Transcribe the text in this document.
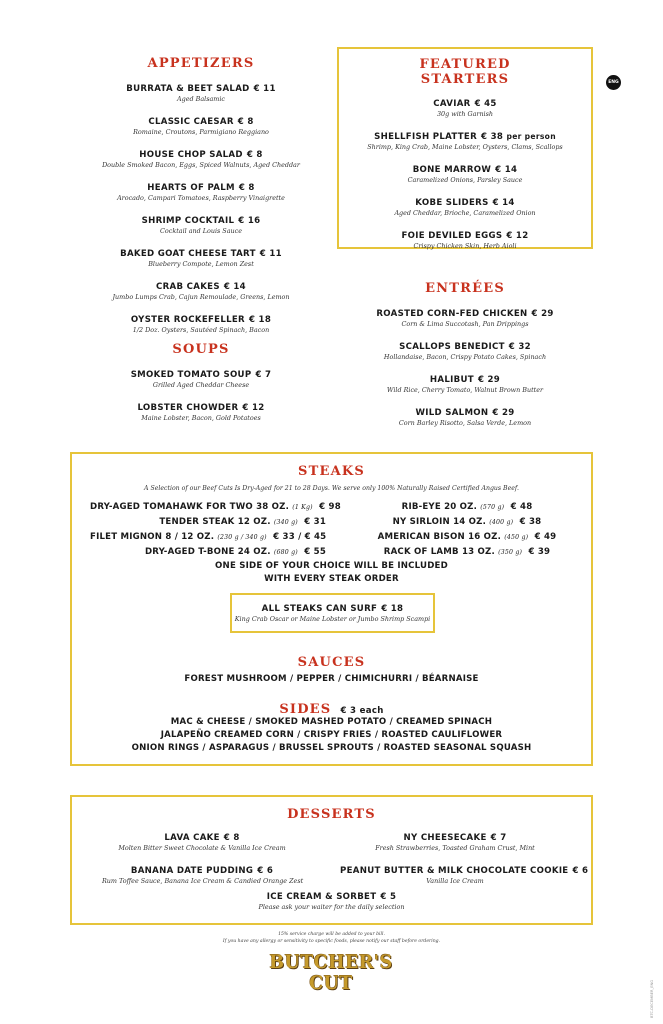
ENG
APPETIZERS
BURRATA & BEET SALAD € 11
Aged Balsamic
CLASSIC CAESAR € 8
Romaine, Croutons, Parmigiano Reggiano
HOUSE CHOP SALAD € 8
Double Smoked Bacon, Eggs, Spiced Walnuts, Aged Cheddar
HEARTS OF PALM € 8
Arocado, Campari Tomatoes, Raspberry Vinaigrette
SHRIMP COCKTAIL € 16
Cocktail and Louis Sauce
BAKED GOAT CHEESE TART € 11
Blueberry Compote, Lemon Zest
CRAB CAKES € 14
Jumbo Lumps Crab, Cajun Remoulade, Greens, Lemon
OYSTER ROCKEFELLER € 18
1/2 Doz. Oysters, Sautéed Spinach, Bacon
SOUPS
SMOKED TOMATO SOUP € 7
Grilled Aged Cheddar Cheese
LOBSTER CHOWDER € 12
Maine Lobster, Bacon, Gold Potatoes
FEATURED
STARTERS
CAVIAR € 45
30g with Garnish
SHELLFISH PLATTER € 38 per person
Shrimp, King Crab, Maine Lobster, Oysters, Clams, Scallops
BONE MARROW € 14
Caramelized Onions, Parsley Sauce
KOBE SLIDERS € 14
Aged Cheddar, Brioche, Caramelized Onion
FOIE DEVILED EGGS € 12
Crispy Chicken Skin, Herb Aioli
ENTRÉES
ROASTED CORN-FED CHICKEN € 29
Corn & Lima Succotash, Pan Drippings
SCALLOPS BENEDICT € 32
Hollandaise, Bacon, Crispy Potato Cakes, Spinach
HALIBUT € 29
Wild Rice, Cherry Tomato, Walnut Brown Butter
WILD SALMON € 29
Corn Barley Risotto, Salsa Verde, Lemon
STEAKS
A Selection of our Beef Cuts Is Dry-Aged for 21 to 28 Days. We serve only 100% Naturally Raised Certified Angus Beef.
DRY-AGED TOMAHAWK FOR TWO 38 OZ. (1 Kg) € 98
TENDER STEAK 12 OZ. (340 g) € 31
FILET MIGNON 8 / 12 OZ. (230 g / 340 g) € 33 / € 45
DRY-AGED T-BONE 24 OZ. (680 g) € 55
RIB-EYE 20 OZ. (570 g) € 48
NY SIRLOIN 14 OZ. (400 g) € 38
AMERICAN BISON 16 OZ. (450 g) € 49
RACK OF LAMB 13 OZ. (350 g) € 39
ONE SIDE OF YOUR CHOICE WILL BE INCLUDED
WITH EVERY STEAK ORDER
ALL STEAKS CAN SURF € 18
King Crab Oscar or Maine Lobster or Jumbo Shrimp Scampi
SAUCES
FOREST MUSHROOM / PEPPER / CHIMICHURRI / BÉARNAISE
SIDES € 3 each
MAC & CHEESE / SMOKED MASHED POTATO / CREAMED SPINACH
JALAPEÑO CREAMED CORN / CRISPY FRIES / ROASTED CAULIFLOWER
ONION RINGS / ASPARAGUS / BRUSSEL SPROUTS / ROASTED SEASONAL SQUASH
DESSERTS
LAVA CAKE € 8
Molten Bitter Sweet Chocolate & Vanilla Ice Cream
BANANA DATE PUDDING € 6
Rum Toffee Sauce, Banana Ice Cream & Candied Orange Zest
NY CHEESECAKE € 7
Fresh Strawberries, Toasted Graham Crust, Mint
PEANUT BUTTER & MILK CHOCOLATE COOKIE € 6
Vanilla Ice Cream
ICE CREAM & SORBET € 5
Please ask your waiter for the daily selection
15% service charge will be added to your bill.
If you have any allergy or sensitivity to specific foods, please notify our staff before ordering.
BUTCHER'S
CUT	BTC-DECEMBER_ENG
